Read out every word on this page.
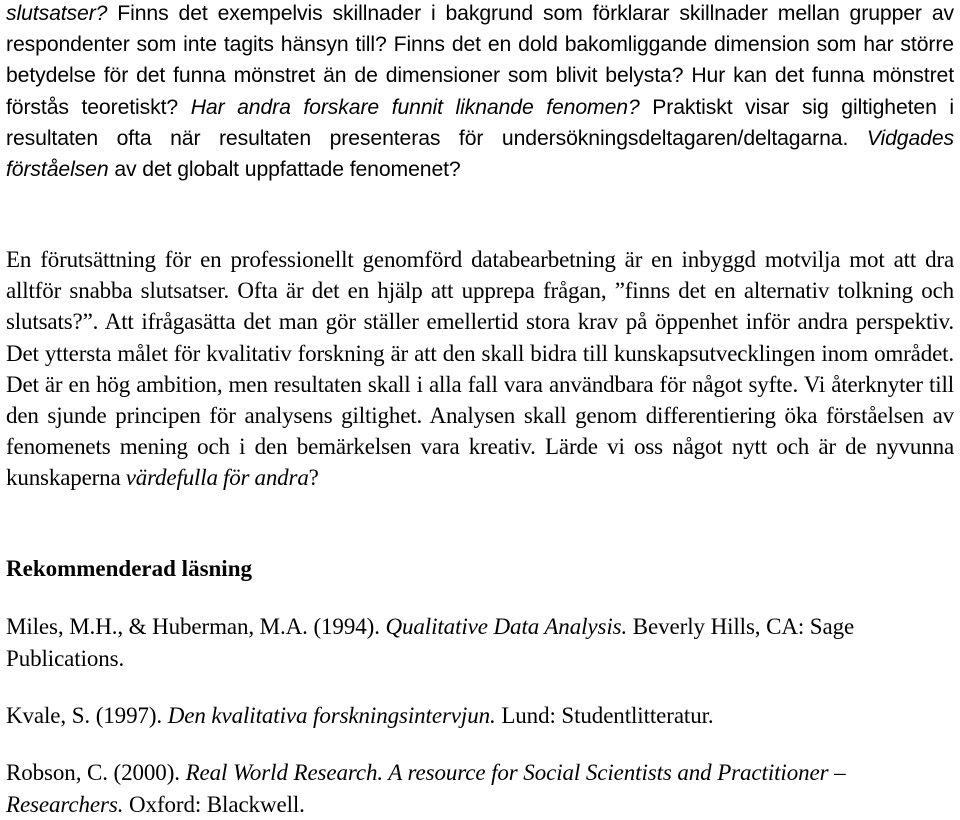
slutsatser? Finns det exempelvis skillnader i bakgrund som förklarar skillnader mellan grupper av respondenter som inte tagits hänsyn till? Finns det en dold bakomliggande dimension som har större betydelse för det funna mönstret än de dimensioner som blivit belysta? Hur kan det funna mönstret förstås teoretiskt? Har andra forskare funnit liknande fenomen? Praktiskt visar sig giltigheten i resultaten ofta när resultaten presenteras för undersökningsdeltagaren/deltagarna. Vidgades förståelsen av det globalt uppfattade fenomenet?

En förutsättning för en professionellt genomförd databearbetning är en inbyggd motvilja mot att dra alltför snabba slutsatser. Ofta är det en hjälp att upprepa frågan, ”finns det en alternativ tolkning och slutsats?”. Att ifrågasätta det man gör ställer emellertid stora krav på öppenhet inför andra perspektiv. Det yttersta målet för kvalitativ forskning är att den skall bidra till kunskapsutvecklingen inom området. Det är en hög ambition, men resultaten skall i alla fall vara användbara för något syfte. Vi återknyter till den sjunde principen för analysens giltighet. Analysen skall genom differentiering öka förståelsen av fenomenets mening och i den bemärkelsen vara kreativ. Lärde vi oss något nytt och är de nyvunna kunskaperna värdefulla för andra?

Rekommenderad läsning

Miles, M.H., & Huberman, M.A. (1994). Qualitative Data Analysis. Beverly Hills, CA: Sage Publications.

Kvale, S. (1997). Den kvalitativa forskningsintervjun. Lund: Studentlitteratur.

Robson, C. (2000). Real World Research. A resource for Social Scientists and Practitioner – Researchers. Oxford: Blackwell.
